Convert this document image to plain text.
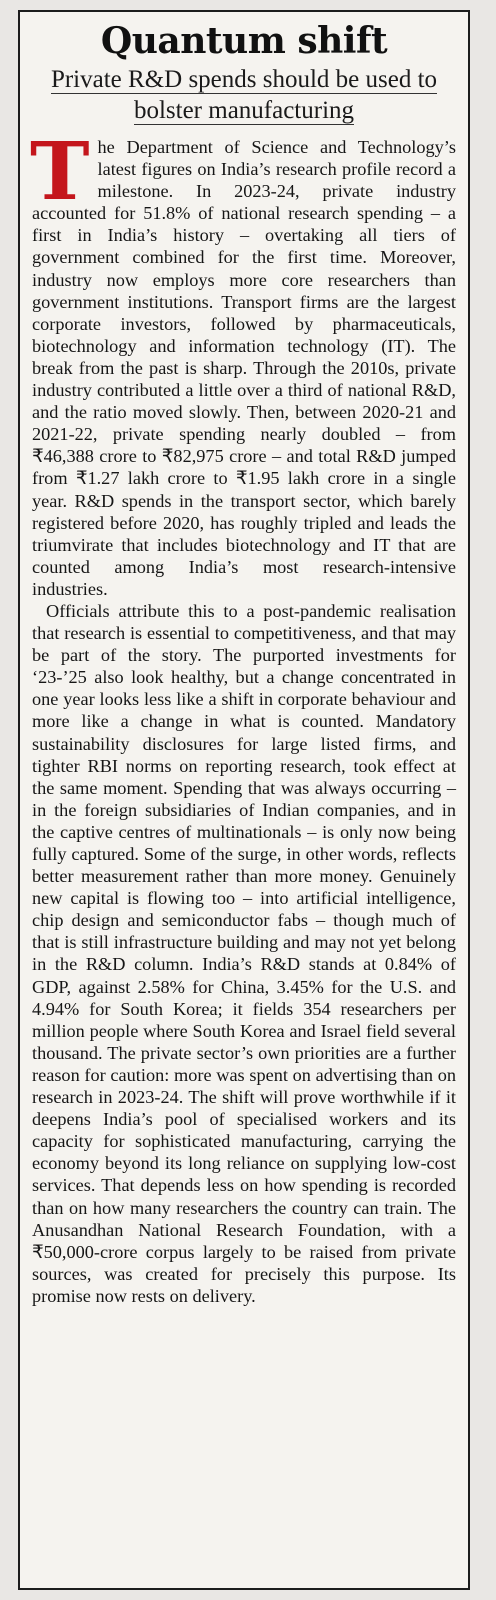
Quantum shift
Private R&D spends should be used to bolster manufacturing

The Department of Science and Technology’s latest figures on India’s research profile record a milestone. In 2023-24, private industry accounted for 51.8% of national research spending – a first in India’s history – overtaking all tiers of government combined for the first time. Moreover, industry now employs more core researchers than government institutions. Transport firms are the largest corporate investors, followed by pharmaceuticals, biotechnology and information technology (IT). The break from the past is sharp. Through the 2010s, private industry contributed a little over a third of national R&D, and the ratio moved slowly. Then, between 2020-21 and 2021-22, private spending nearly doubled – from ₹46,388 crore to ₹82,975 crore – and total R&D jumped from ₹1.27 lakh crore to ₹1.95 lakh crore in a single year. R&D spends in the transport sector, which barely registered before 2020, has roughly tripled and leads the triumvirate that includes biotechnology and IT that are counted among India’s most research-intensive industries.

Officials attribute this to a post-pandemic realisation that research is essential to competitiveness, and that may be part of the story. The purported investments for ‘23-’25 also look healthy, but a change concentrated in one year looks less like a shift in corporate behaviour and more like a change in what is counted. Mandatory sustainability disclosures for large listed firms, and tighter RBI norms on reporting research, took effect at the same moment. Spending that was always occurring – in the foreign subsidiaries of Indian companies, and in the captive centres of multinationals – is only now being fully captured. Some of the surge, in other words, reflects better measurement rather than more money. Genuinely new capital is flowing too – into artificial intelligence, chip design and semiconductor fabs – though much of that is still infrastructure building and may not yet belong in the R&D column. India’s R&D stands at 0.84% of GDP, against 2.58% for China, 3.45% for the U.S. and 4.94% for South Korea; it fields 354 researchers per million people where South Korea and Israel field several thousand. The private sector’s own priorities are a further reason for caution: more was spent on advertising than on research in 2023-24. The shift will prove worthwhile if it deepens India’s pool of specialised workers and its capacity for sophisticated manufacturing, carrying the economy beyond its long reliance on supplying low-cost services. That depends less on how spending is recorded than on how many researchers the country can train. The Anusandhan National Research Foundation, with a ₹50,000-crore corpus largely to be raised from private sources, was created for precisely this purpose. Its promise now rests on delivery.
